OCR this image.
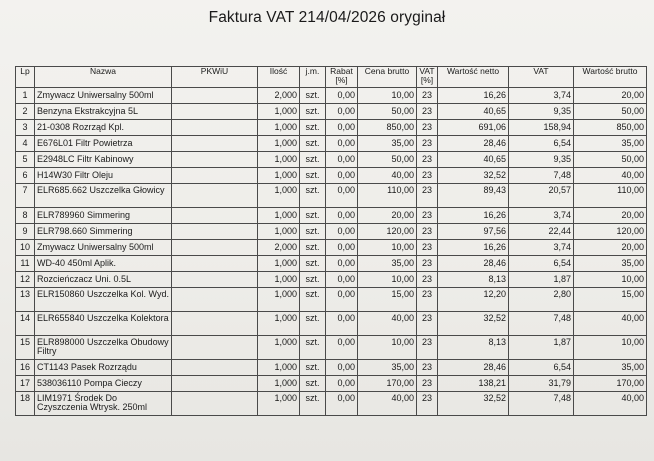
Faktura VAT 214/04/2026 oryginał
Lp	Nazwa	PKWiU	Ilość	j.m.	Rabat [%]	Cena brutto	VAT [%]	Wartość netto	VAT	Wartość brutto
1	Zmywacz Uniwersalny 500ml		2,000	szt.	0,00	10,00	23	16,26	3,74	20,00
2	Benzyna Ekstrakcyjna 5L		1,000	szt.	0,00	50,00	23	40,65	9,35	50,00
3	21-0308 Rozrząd Kpl.		1,000	szt.	0,00	850,00	23	691,06	158,94	850,00
4	E676L01 Filtr Powietrza		1,000	szt.	0,00	35,00	23	28,46	6,54	35,00
5	E2948LC Filtr Kabinowy		1,000	szt.	0,00	50,00	23	40,65	9,35	50,00
6	H14W30 Filtr Oleju		1,000	szt.	0,00	40,00	23	32,52	7,48	40,00
7	ELR685.662 Uszczelka Głowicy		1,000	szt.	0,00	110,00	23	89,43	20,57	110,00
8	ELR789960 Simmering		1,000	szt.	0,00	20,00	23	16,26	3,74	20,00
9	ELR798.660 Simmering		1,000	szt.	0,00	120,00	23	97,56	22,44	120,00
10	Zmywacz Uniwersalny 500ml		2,000	szt.	0,00	10,00	23	16,26	3,74	20,00
11	WD-40 450ml Aplik.		1,000	szt.	0,00	35,00	23	28,46	6,54	35,00
12	Rozcieńczacz Uni. 0.5L		1,000	szt.	0,00	10,00	23	8,13	1,87	10,00
13	ELR150860 Uszczelka Kol. Wyd.		1,000	szt.	0,00	15,00	23	12,20	2,80	15,00
14	ELR655840 Uszczelka Kolektora		1,000	szt.	0,00	40,00	23	32,52	7,48	40,00
15	ELR898000 Uszczelka Obudowy Filtry		1,000	szt.	0,00	10,00	23	8,13	1,87	10,00
16	CT1143 Pasek Rozrządu		1,000	szt.	0,00	35,00	23	28,46	6,54	35,00
17	538036110 Pompa Cieczy		1,000	szt.	0,00	170,00	23	138,21	31,79	170,00
18	LIM1971 Środek Do Czyszczenia Wtrysk. 250ml		1,000	szt.	0,00	40,00	23	32,52	7,48	40,00
